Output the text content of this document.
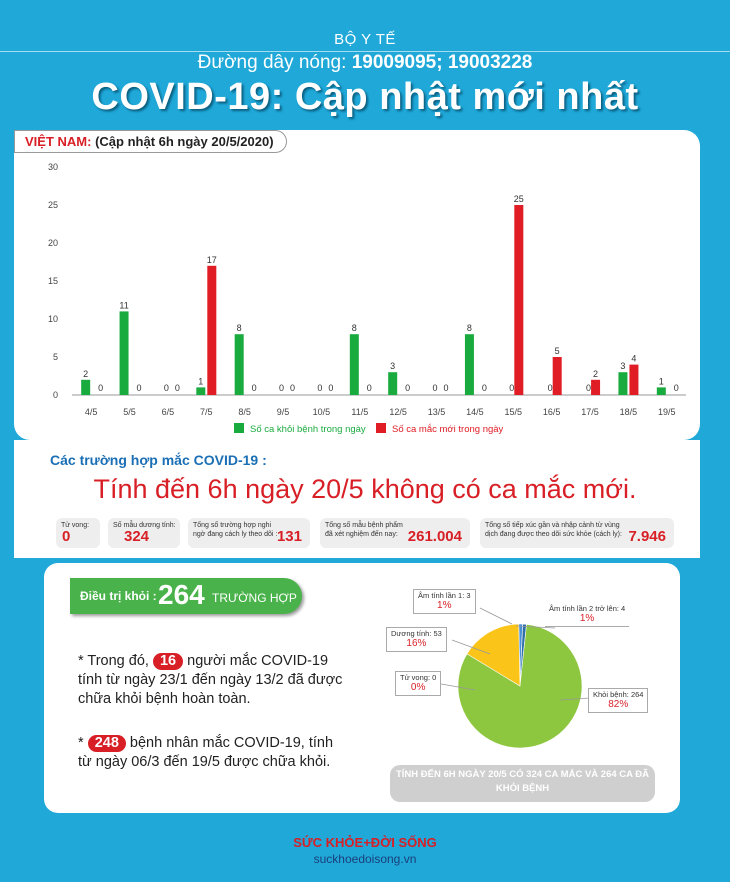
BỘ Y TẾ
Đường dây nóng: 19009095; 19003228
COVID-19: Cập nhật mới nhất
VIỆT NAM: (Cập nhật 6h ngày 20/5/2020)
0
5
10
15
20
25
30
4/5
2
0
5/5
11
0
6/5
0 0
7/5
1
17
8/5
8
0
9/5
0 0
10/5
0 0
11/5
8
0
12/5
3
0
13/5
0 0
14/5
8
0
15/5
0
25
16/5
0
5
17/5
0
2
18/5
3
4
19/5
1
0
Số ca khỏi bệnh trong ngày	Số ca mắc mới trong ngày
Các trường hợp mắc COVID-19 :
Tính đến 6h ngày 20/5 không có ca mắc mới.
Tử vong:
0
Số mẫu dương tính:
324
Tổng số trường hợp nghi ngờ đang cách ly theo dõi : 131
Tổng số mẫu bệnh phẩm đã xét nghiệm đến nay: 261.004
Tổng số tiếp xúc gần và nhập cảnh từ vùng dịch đang được theo dõi sức khỏe (cách ly): 7.946
Điều trị khỏi : 264 TRƯỜNG HỢP
* Trong đó, 16 người mắc COVID-19 tính từ ngày 23/1 đến ngày 13/2 đã được chữa khỏi bệnh hoàn toàn.
* 248 bệnh nhân mắc COVID-19, tính từ ngày 06/3 đến 19/5 được chữa khỏi.
Âm tính lần 1: 3
1%	Âm tính lần 2 trở lên: 4
1%
Dương tính: 53
16%
Tử vong: 0
0%
Khỏi bệnh: 264
82%
TÍNH ĐẾN 6H NGÀY 20/5 CÓ 324 CA MẮC VÀ 264 CA ĐÃ KHỎI BỆNH
SỨC KHỎE+ĐỜI SỐNG
suckhoedoisong.vn
